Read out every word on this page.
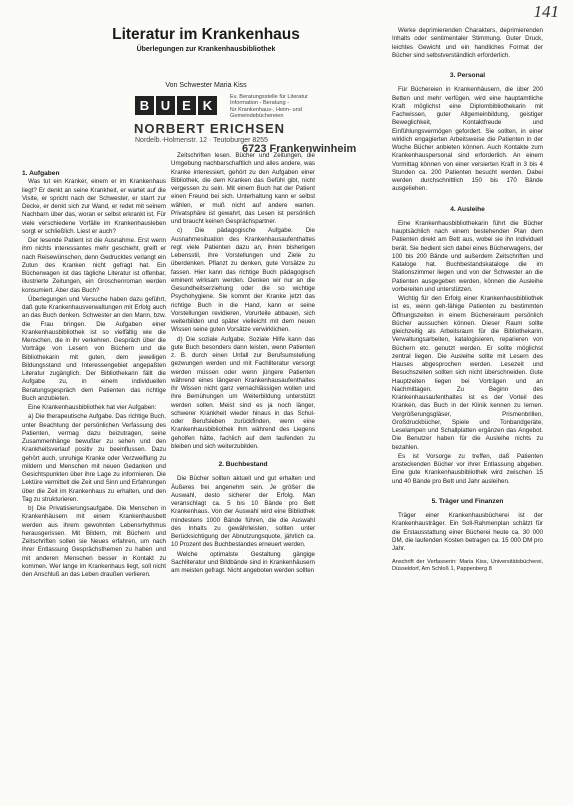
141
Literatur im Krankenhaus
Überlegungen zur Krankenhausbibliothek
Von Schwester Maria Kiss
B U E K
Ev. Beratungsstelle für Literatur
Information - Beratung -
für Krankenhaus-, Heim- und
Gemeindebüchereien
NORBERT ERICHSEN
Nordelb.-Holmenstr. 12 · Teutoburger 8255
6723 Frankenwinheim
1. Aufgaben

Was tut ein Kranker, einem er im Krankenhaus liegt? Er denkt an seine Krankheit, er wartet auf die Visite, er spricht nach der Schwester, er starrt zur Decke, er denkt sich zur Wand, er redet mit seinem Nachbarn über das, woran er selbst erkrankt ist. Für viele verschiedene Vorfälle im Krankenhausleben sorgt er schließlich. Liest er auch?

Der lesende Patient ist die Ausnahme. Erst wenn ihm nichts interessantes mehr geschieht, greift er nach Reisewünschen, denn Gedrucktes verlangt ein Zutun des Kranken nicht gefragt hat. Ein Bücherwagen ist das tägliche Literatur ist offenbar, illustrierte Zeitungen, ein Groschenroman werden konsumiert. Aber das Buch?

Überlegungen und Versuche haben dazu geführt, daß gute Krankenhausverwaltungen mit Erfolg auch an das Buch denken. Schwester an den Mann, bzw. die Frau bringen. Die Aufgaben einer Krankenhausbibliothek ist so vielfältig wie die Menschen, die in ihr verkehren. Gespräch über die Vorträge von Lesern von Büchern und die Bibliothekarin mit guten, dem jeweiligen Bildungsstand und Interessengebiet angepaßten Literatur zugänglich. Der Bibliothekarin fällt die Aufgabe zu, in einem individuellen Beratungsgespräch dem Patienten das richtige Buch anzubieten.

Eine Krankenhausbibliothek hat vier Aufgaben:

a) Die therapeutische Aufgabe. Das richtige Buch, unter Beachtung der persönlichen Verfassung des Patienten, vermag dazu beizutragen, seine Zusammenhänge bewußter zu sehen und den Krankheitsverlauf positiv zu beeinflussen. Dazu gehört auch, unruhige Kranke oder Verzweiflung zu mildern und Menschen mit neuen Gedanken und Gesichtspunkten über ihre Lage zu informieren. Die Lektüre vermittelt die Zeit und Sinn und Erfahrungen über die Zeit im Krankenhaus zu erhalten, und den Tag zu strukturieren.

b) Die Privatisierungsaufgabe. Die Menschen in Krankenhäusern mit einem Krankenhausbett werden aus ihrem gewohnten Lebensrhythmus herausgerissen. Mit Bildern, mit Büchern und Zeitschriften sollen sie Neues erfahren, um nach ihrer Entlassung Gesprächsthemen zu haben und mit anderen Menschen besser in Kontakt zu kommen. Wer lange im Krankenhaus liegt, soll nicht den Anschluß an das Leben draußen verlieren.

Zeitschriften lesen. Bücher und Zeitungen, die Umgebung nachbarschaftlich und alles andere, was Kranke interessiert, gehört zu den Aufgaben einer Bibliothek, die dem Kranken das Gefühl gibt, nicht vergessen zu sein. Mit einem Buch hat der Patient einen Freund bei sich. Unterhaltung kann er selbst wählen, er muß nicht auf andere warten. Privatsphäre ist gewahrt, das Lesen ist persönlich und braucht keinen Gesprächspartner.

c) Die pädagogische Aufgabe. Die Ausnahmesituation des Krankenhausaufenthaltes regt viele Patienten dazu an, ihren bisherigen Lebensstil, ihre Vorstellungen und Ziele zu überdenken. Pflanzt zu denken, gute Vorsätze zu fassen. Hier kann das richtige Buch pädagogisch eminent wirksam werden. Denken wir nur an die Gesundheitserziehung oder die so wichtige Psychohygiene. Sie kommt der Kranke jetzt das richtige Buch in die Hand, kann er seine Vorstellungen revidieren, Vorurteile abbauen, sich weiterbilden und später vielleicht mit dem neuen Wissen seine guten Vorsätze verwirklichen.

d) Die soziale Aufgabe. Soziale Hilfe kann das gute Buch besonders dann leisten, wenn Patienten z. B. durch einen Unfall zur Berufsumstellung gezwungen werden und mit Fachliteratur versorgt werden müssen oder wenn jüngere Patienten während eines längeren Krankenhausaufenthaltes ihr Wissen nicht ganz vernachlässigen wollen und ihre Bemühungen um Weiterbildung unterstützt werden sollen. Meist sind es ja noch länger, schwerer Krankheit wieder hinaus in das Schul- oder Berufsleben zurückfinden, wenn eine Krankenhausbibliothek ihm während des Liegens geholfen hätte, fachlich auf dem laufenden zu bleiben und sich weiterzubilden.

2. Buchbestand

Die Bücher sollten aktuell und gut erhalten und Äußeres frei angenehm sein. Je größer die Auswahl, desto sicherer der Erfolg. Man veranschlagt ca. 5 bis 10 Bände pro Bett Krankenhaus. Von der Auswahl wird eine Bibliothek mindestens 1000 Bände führen, die die Auswahl des Inhalts zu gewährleisten, sollten unter Berücksichtigung der Abnutzungsquote, jährlich ca. 10 Prozent des Buchbestandes erneuert werden.

Welche optimalste Gestaltung gängige Sachliteratur und Bildbände sind in Krankenhäusern am meisten gefragt. Nicht angeboten werden sollten

Werke deprimierenden Charakters, deprimierenden Inhalts oder sentimentaler Stimmung. Guter Druck, leichtes Gewicht und ein handliches Format der Bücher sind selbstverständlich erforderlich.

3. Personal

Für Büchereien in Krankenhäusern, die über 200 Betten und mehr verfügen, wird eine hauptamtliche Kraft möglichst eine Diplombibliothekarin mit Fachwissen, guter Allgemeinbildung, geistiger Beweglichkeit, Kontaktfreude und Einfühlungsvermögen gefordert. Sie sollten, in einer wirklich engagierten Arbeitsweise die Patienten in der Woche Bücher anbieten können. Auch Kontakte zum Krankenhauspersonal sind erforderlich. An einem Vormittag können von einer versierten Kraft in 3 bis 4 Stunden ca. 200 Patienten besucht werden. Dabei werden durchschnittlich 150 bis 170 Bände ausgeliehen.

4. Ausleihe

Eine Krankenhausbibliothekarin führt die Bücher hauptsächlich nach einem bestehenden Plan dem Patienten direkt am Bett aus, wobei sie ihn individuell berät. Sie bedient sich dabei eines Bücherwagens, der 100 bis 200 Bände und außerdem Zeitschriften und Kataloge hat. Buchbestandskataloge die im Stationszimmer liegen und von der Schwester an die Patienten ausgegeben werden, können die Ausleihe vorbereiten und unterstützen.

Wichtig für den Erfolg einer Krankenhausbibliothek ist es, wenn geh-fähige Patienten zu bestimmten Öffnungszeiten in einem Büchereiraum persönlich Bücher aussuchen können. Dieser Raum sollte gleichzeitig als Arbeitsraum für die Bibliothekarin, Verwaltungsarbeiten, katalogisieren, reparieren von Büchern etc. genutzt werden. Er sollte möglichst zentral liegen. Die Ausleihe sollte mit Lesern des Hauses abgesprochen werden. Lesezeit und Besuchszeiten sollten sich nicht überschneiden. Gute Hauptzeiten liegen bei Vorträgen und an Nachmittagen. Zu Beginn des Krankenhausaufenthaltes ist es der Vorteil des Kranken, das Buch in der Klinik kennen zu lernen. Vergrößerungsgläser, Prismenbrillen, Großdruckbücher, Spiele und Tonbandgeräte, Leselampen und Schallplatten ergänzen das Angebot. Die Benutzer haben für die Ausleihe nichts zu bezahlen.

Es ist Vorsorge zu treffen, daß Patienten ansteckenden Bücher vor ihrer Entlassung abgeben. Eine gute Krankenhausbibliothek wird zwischen 15 und 40 Bände pro Bett und Jahr ausleihen.

5. Träger und Finanzen

Träger einer Krankenhausbücherei ist der Krankenhausträger. Ein Soll-Rahmenplan schätzt für die Erstausstattung einer Bücherei heute ca. 30 000 DM, die laufenden Kosten betragen ca. 15 000 DM pro Jahr.

Anschrift der Verfasserin: Maria Kiss, Universitätsbücherei, Düsseldorf, Am Schloß 1, Pappenberg 8
